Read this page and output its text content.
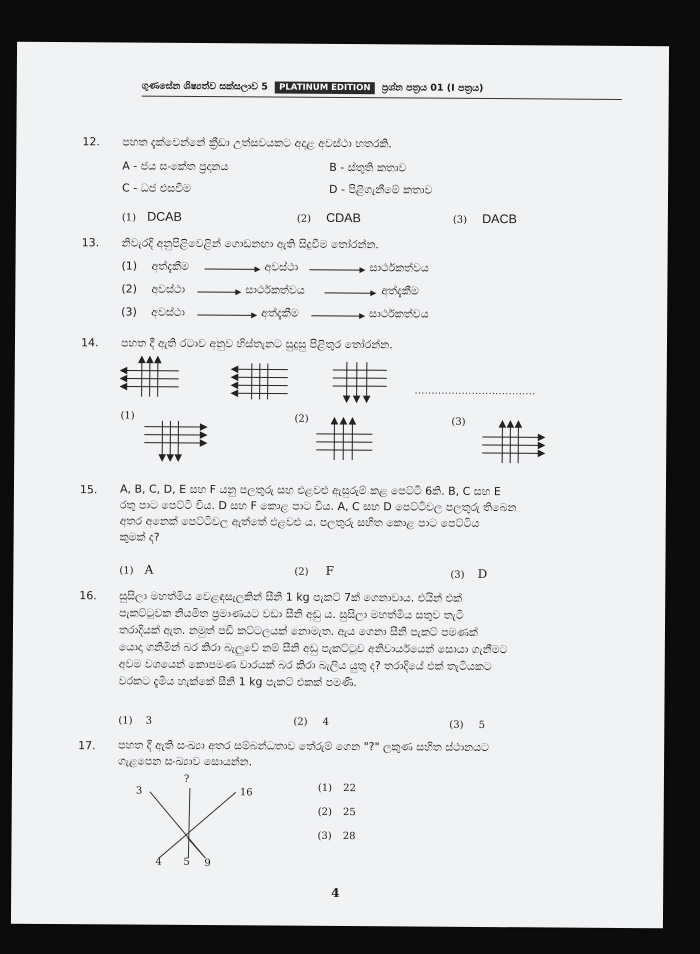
ගුණසේන ශිෂ්‍යත්ව සක්සලාව 5 PLATINUM EDITION ප්‍රශ්න පත්‍රය 01 (I පත්‍රය)
12. පහත දැක්වෙන්නේ ක්‍රීඩා උත්සවයකට අදාළ අවස්ථා හතරකි.
A - ජය සංකේත ප්‍රදානය	B - ස්තුති කතාව
C - ධජ එසවීම	D - පිළිගැනීමේ කතාව
(1) DCAB	(2) CDAB	(3) DACB
13. නිවැරදි අනුපිළිවෙළින් ගොඩනඟා ඇති සිදුවීම තෝරන්න.
(1) අත්දැකීම	අවස්ථා	සාර්ථකත්වය
(2) අවස්ථා	සාර්ථකත්වය	අත්දැකීම
(3) අවස්ථා	අත්දැකීම	සාර්ථකත්වය
14. පහත දී ඇති රටාව අනුව හිස්තැනට සුදුසු පිළිතුර තෝරන්න.
....................................
(1)	(2)	(3)
15. A, B, C, D, E සහ F යනු පලතුරු සහ එළවළු ඇසුරුම් කළ පෙට්ටි 6කි. B, C සහ E
රතු පාට පෙට්ටි විය. D සහ F කොළ පාට විය. A, C සහ D පෙට්ටිවල පලතුරු තිබෙන
අතර අනෙක් පෙට්ටිවල ඇත්තේ එළවළු ය. පලතුරු සහිත කොළ පාට පෙට්ටිය
කුමක් ද?
(1) A	(2) F	(3) D
16. සුසිලා මහත්මිය වෙළඳසැලකින් සීනි 1 kg පැකට් 7ක් ගෙනාවාය. එයින් එක්
පැකට්ටුවක නියමිත ප්‍රමාණයට වඩා සීනි අඩු ය. සුසිලා මහත්මිය සතුව තැටි
තරාදියක් ඇත. නමුත් පඩි කට්ටලයක් නොමැත. ඇය ගෙනා සීනි පැකට් පමණක්
යොදා ගනිමින් බර කිරා බැලුවේ නම් සීනි අඩු පැකට්ටුව අනිවාර්යයෙන් සොයා ගැනීමට
අවම වශයෙන් කොපමණ වාරයක් බර කිරා බැලිය යුතු ද? තරාදියේ එක් තැටියකට
වරකට දැමිය හැක්කේ සීනි 1 kg පැකට් එකක් පමණි.
(1) 3	(2) 4	(3) 5
17. පහත දී ඇති සංඛ්‍යා අතර සම්බන්ධතාව තේරුම් ගෙන "?" ලකුණ සහිත ස්ථානයට
ගැළපෙන සංඛ්‍යාව සොයන්න.
3
?
16
4 5 9
(1) 22
(2) 25
(3) 28
4
